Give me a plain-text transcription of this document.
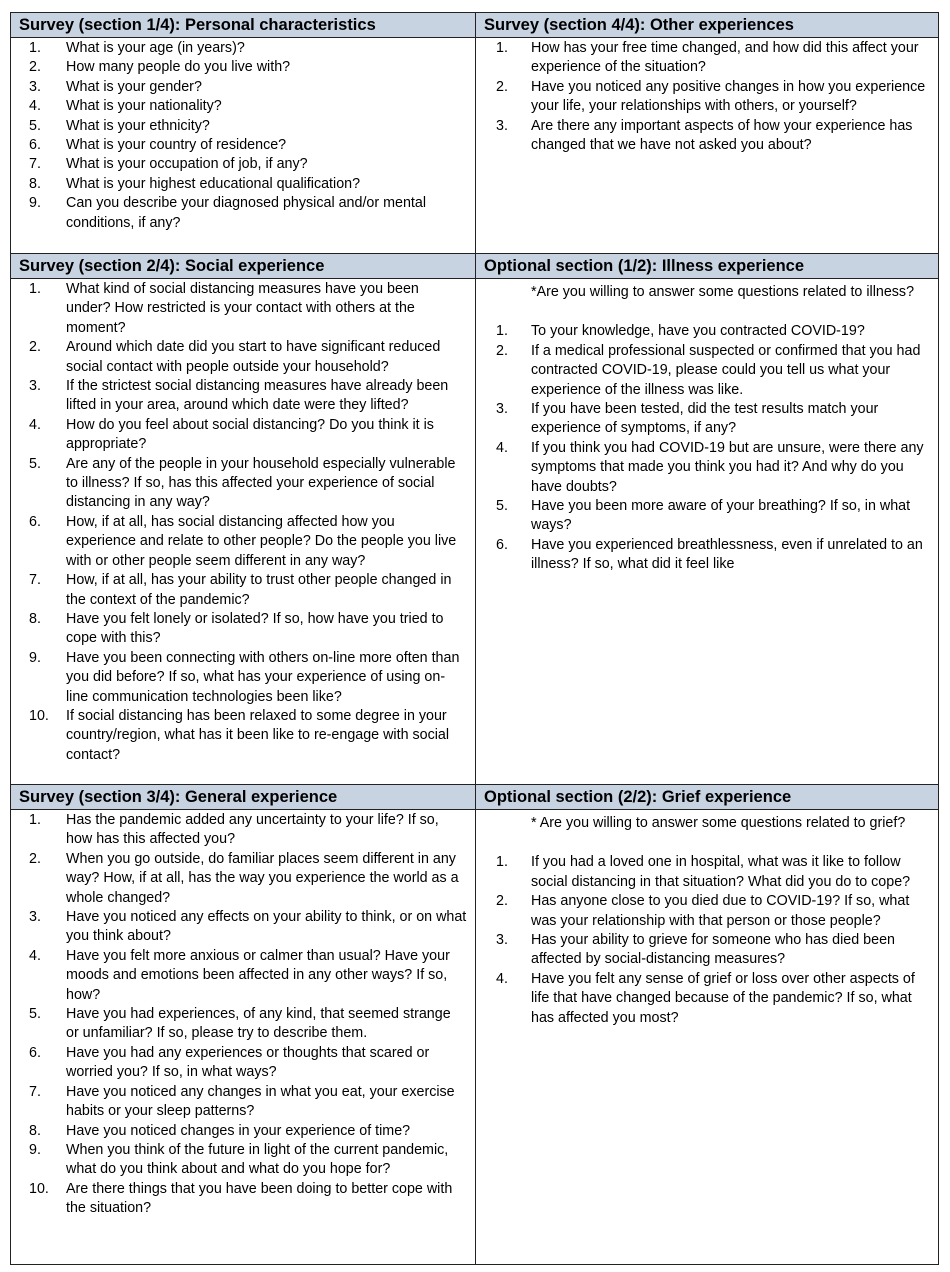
Survey (section 1/4): Personal characteristics
1. What is your age (in years)?
2. How many people do you live with?
3. What is your gender?
4. What is your nationality?
5. What is your ethnicity?
6. What is your country of residence?
7. What is your occupation of job, if any?
8. What is your highest educational qualification?
9. Can you describe your diagnosed physical and/or mental conditions, if any?
Survey (section 4/4): Other experiences
1. How has your free time changed, and how did this affect your experience of the situation?
2. Have you noticed any positive changes in how you experience your life, your relationships with others, or yourself?
3. Are there any important aspects of how your experience has changed that we have not asked you about?
Survey (section 2/4): Social experience
1. What kind of social distancing measures have you been under? How restricted is your contact with others at the moment?
2. Around which date did you start to have significant reduced social contact with people outside your household?
3. If the strictest social distancing measures have already been lifted in your area, around which date were they lifted?
4. How do you feel about social distancing? Do you think it is appropriate?
5. Are any of the people in your household especially vulnerable to illness? If so, has this affected your experience of social distancing in any way?
6. How, if at all, has social distancing affected how you experience and relate to other people? Do the people you live with or other people seem different in any way?
7. How, if at all, has your ability to trust other people changed in the context of the pandemic?
8. Have you felt lonely or isolated? If so, how have you tried to cope with this?
9. Have you been connecting with others on-line more often than you did before? If so, what has your experience of using on-line communication technologies been like?
10. If social distancing has been relaxed to some degree in your country/region, what has it been like to re-engage with social contact?
Optional section (1/2): Illness experience
*Are you willing to answer some questions related to illness?
1. To your knowledge, have you contracted COVID-19?
2. If a medical professional suspected or confirmed that you had contracted COVID-19, please could you tell us what your experience of the illness was like.
3. If you have been tested, did the test results match your experience of symptoms, if any?
4. If you think you had COVID-19 but are unsure, were there any symptoms that made you think you had it? And why do you have doubts?
5. Have you been more aware of your breathing? If so, in what ways?
6. Have you experienced breathlessness, even if unrelated to an illness? If so, what did it feel like
Survey (section 3/4): General experience
1. Has the pandemic added any uncertainty to your life? If so, how has this affected you?
2. When you go outside, do familiar places seem different in any way? How, if at all, has the way you experience the world as a whole changed?
3. Have you noticed any effects on your ability to think, or on what you think about?
4. Have you felt more anxious or calmer than usual? Have your moods and emotions been affected in any other ways? If so, how?
5. Have you had experiences, of any kind, that seemed strange or unfamiliar? If so, please try to describe them.
6. Have you had any experiences or thoughts that scared or worried you? If so, in what ways?
7. Have you noticed any changes in what you eat, your exercise habits or your sleep patterns?
8. Have you noticed changes in your experience of time?
9. When you think of the future in light of the current pandemic, what do you think about and what do you hope for?
10. Are there things that you have been doing to better cope with the situation?
Optional section (2/2): Grief experience
* Are you willing to answer some questions related to grief?
1. If you had a loved one in hospital, what was it like to follow social distancing in that situation? What did you do to cope?
2. Has anyone close to you died due to COVID-19? If so, what was your relationship with that person or those people?
3. Has your ability to grieve for someone who has died been affected by social-distancing measures?
4. Have you felt any sense of grief or loss over other aspects of life that have changed because of the pandemic? If so, what has affected you most?
